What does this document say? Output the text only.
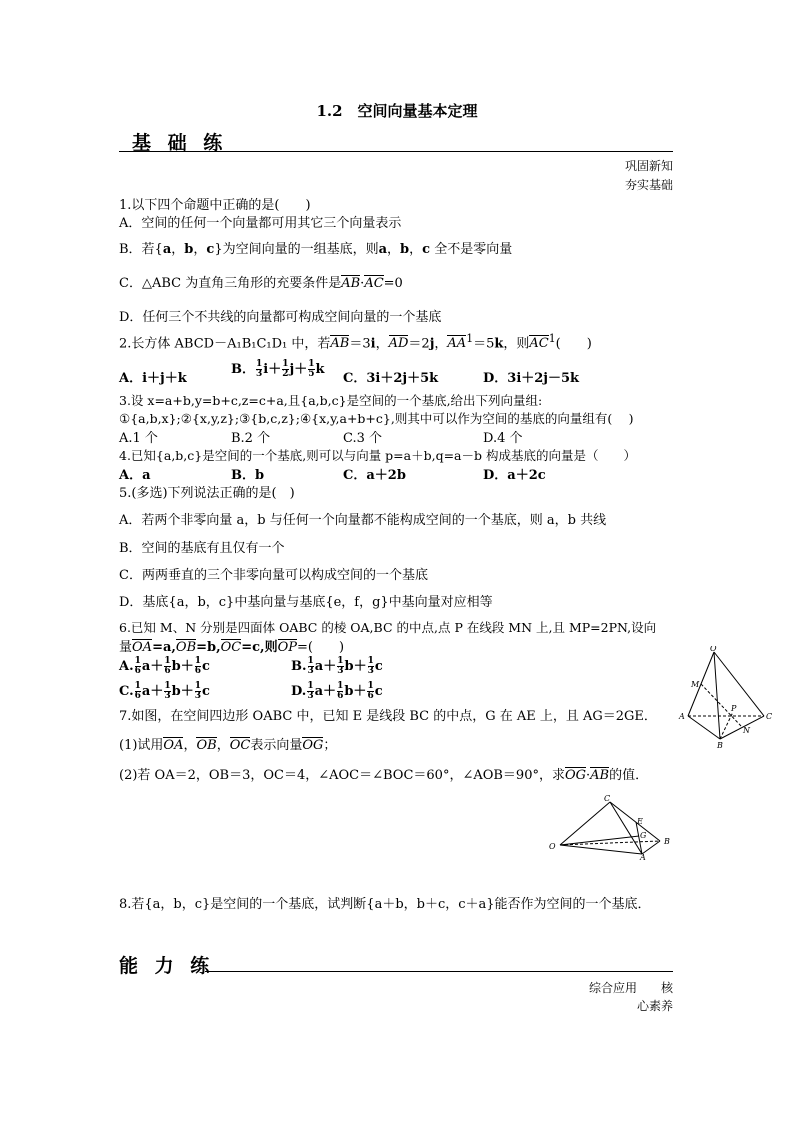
1.2　空间向量基本定理
基 础 练
巩固新知
夯实基础
1.以下四个命题中正确的是(　　)
A．空间的任何一个向量都可用其它三个向量表示
B．若{a，b，c}为空间向量的一组基底，则a，b，c 全不是零向量
C．△ABC 为直角三角形的充要条件是AB·AC=0
D．任何三个不共线的向量都可构成空间向量的一个基底
2.长方体 ABCD－A₁B₁C₁D₁ 中，若AB＝3i，AD＝2j，$AA^1=5k$，则$AC^1$(　　)
A．i＋j＋k
B． $\frac{1}{3} i+ \frac{1}{2} j+ \frac{1}{5}$ k
C．3i＋2j＋5k	D．3i＋2j－5k
3.设 x=a+b,y=b+c,z=c+a,且{a,b,c}是空间的一个基底,给出下列向量组:
①{a,b,x};②{x,y,z};③{b,c,z};④{x,y,a+b+c},则其中可以作为空间的基底的向量组有(　 )
A.1 个	B.2 个	C.3 个	D.4 个
4.已知{a,b,c}是空间的一个基底,则可以与向量 p=a＋b,q=a－b 构成基底的向量是（　　）
A．a	B．b	C．a＋2b	D．a＋2c
5.(多选)下列说法正确的是(　)
A．若两个非零向量 a，b 与任何一个向量都不能构成空间的一个基底，则 a，b 共线
B．空间的基底有且仅有一个
C．两两垂直的三个非零向量可以构成空间的一个基底
D．基底{a，b，c}中基向量与基底{e，f，g}中基向量对应相等
6.已知 M、N 分别是四面体 OABC 的棱 OA,BC 的中点,点 P 在线段 MN 上,且 MP=2PN,设向
量OA=a,OB=b,OC=c,则OP=(　　)
A. $\frac{1}{6} a+ \frac{1}{6} b+ \frac{1}{6}$ c	B. $\frac{1}{3} a+ \frac{1}{3} b+ \frac{1}{3}$ c
C. $\frac{1}{6} a+ \frac{1}{3} b+ \frac{1}{3}$ c	D. $\frac{1}{3} a+ \frac{1}{6} b+ \frac{1}{6}$ c
O
M
P
A	C
N
B
7.如图，在空间四边形 OABC 中，已知 E 是线段 BC 的中点，G 在 AE 上，且 AG＝2GE．
(1)试用OA，OB，OC表示向量OG；
(2)若 OA＝2，OB＝3，OC＝4，∠AOC＝∠BOC＝60°，∠AOB＝90°，求OG·AB的值．
C
E
G
B
O
A
8.若{a，b，c}是空间的一个基底，试判断{a＋b，b＋c，c＋a}能否作为空间的一个基底．
能 力 练
综合应用　　核
心素养
